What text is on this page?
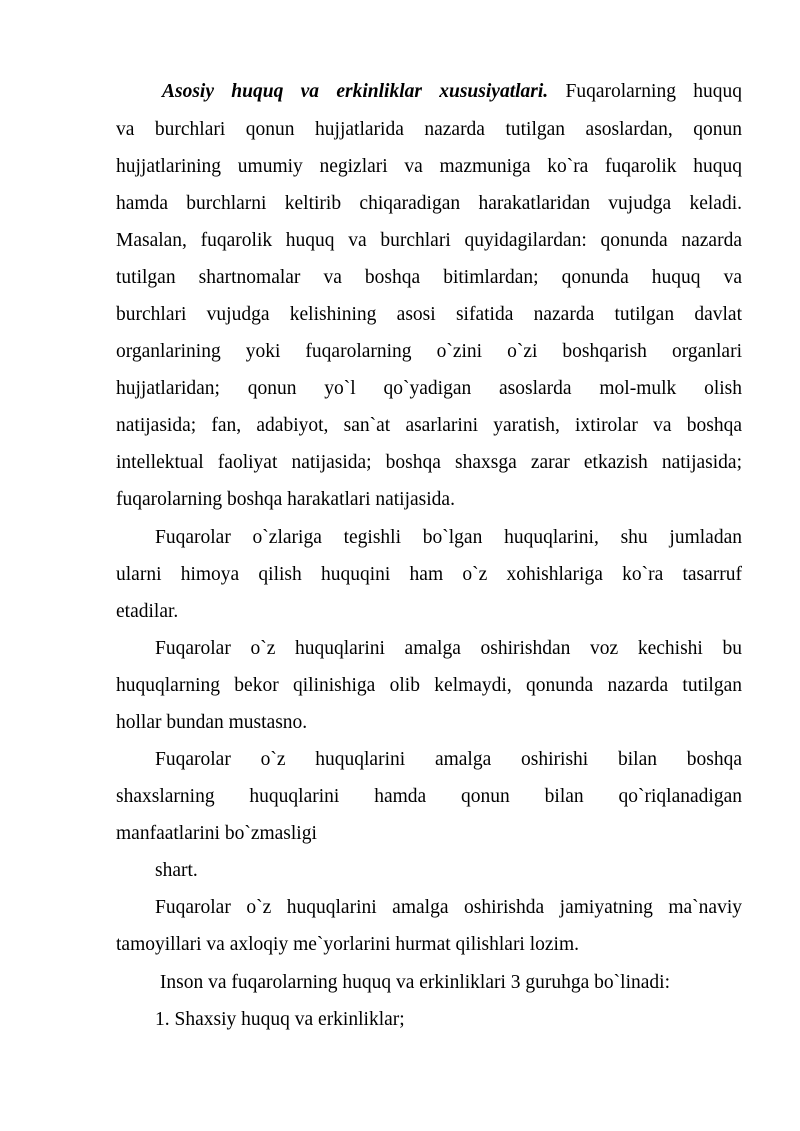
Asosiy huquq va erkinliklar xususiyatlari. Fuqarolarning huquq
va burchlari qonun hujjatlarida nazarda tutilgan asoslardan, qonun
hujjatlarining umumiy negizlari va mazmuniga ko`ra fuqarolik huquq
hamda burchlarni keltirib chiqaradigan harakatlaridan vujudga keladi.
Masalan, fuqarolik huquq va burchlari quyidagilardan: qonunda nazarda
tutilgan shartnomalar va boshqa bitimlardan; qonunda huquq va
burchlari vujudga kelishining asosi sifatida nazarda tutilgan davlat
organlarining yoki fuqarolarning o`zini o`zi boshqarish organlari
hujjatlaridan; qonun yo`l qo`yadigan asoslarda mol-mulk olish
natijasida; fan, adabiyot, san`at asarlarini yaratish, ixtirolar va boshqa
intellektual faoliyat natijasida; boshqa shaxsga zarar etkazish natijasida;
fuqarolarning boshqa harakatlari natijasida.
Fuqarolar o`zlariga tegishli bo`lgan huquqlarini, shu jumladan
ularni himoya qilish huquqini ham o`z xohishlariga ko`ra tasarruf
etadilar.
Fuqarolar o`z huquqlarini amalga oshirishdan voz kechishi bu
huquqlarning bekor qilinishiga olib kelmaydi, qonunda nazarda tutilgan
hollar bundan mustasno.
Fuqarolar o`z huquqlarini amalga oshirishi bilan boshqa
shaxslarning huquqlarini hamda qonun bilan qo`riqlanadigan
manfaatlarini bo`zmasligi
shart.
Fuqarolar o`z huquqlarini amalga oshirishda jamiyatning ma`naviy
tamoyillari va axloqiy me`yorlarini hurmat qilishlari lozim.
Inson va fuqarolarning huquq va erkinliklari 3 guruhga bo`linadi:
1. Shaxsiy huquq va erkinliklar;
